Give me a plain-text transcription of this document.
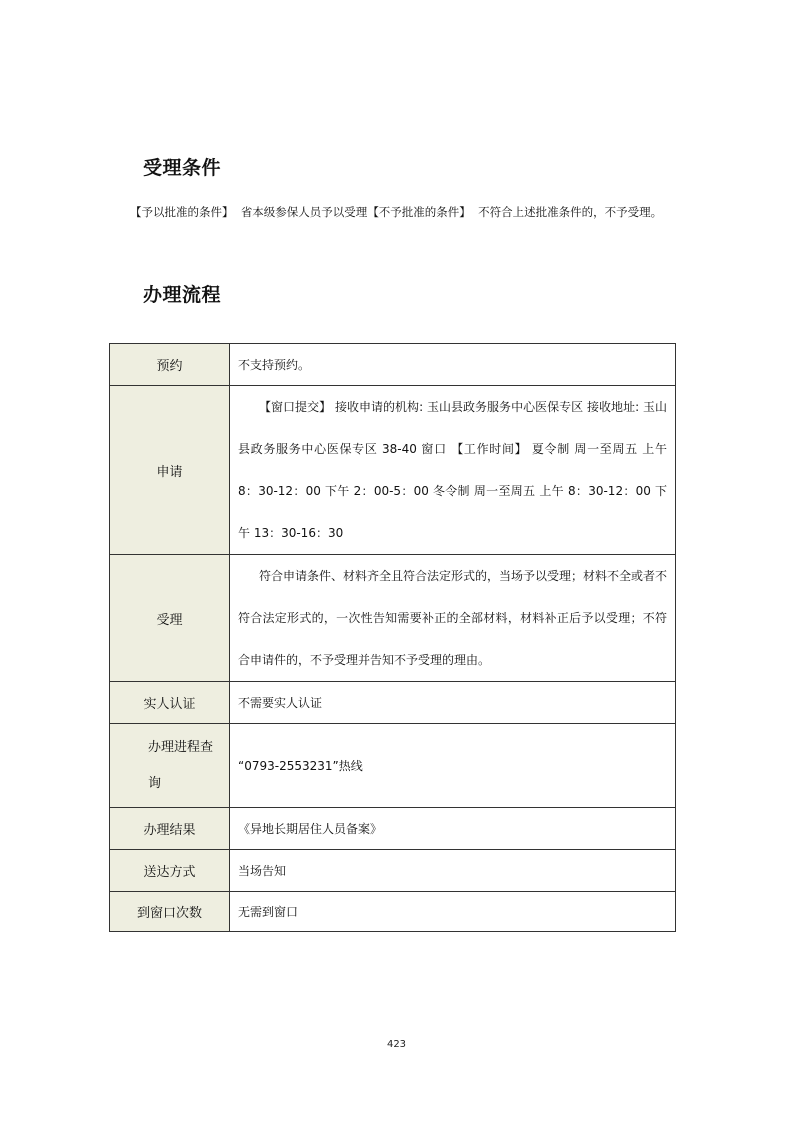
受理条件
【予以批准的条件】 省本级参保人员予以受理【不予批准的条件】 不符合上述批准条件的，不予受理。
办理流程
预约	不支持预约。
申请	【窗口提交】 接收申请的机构: 玉山县政务服务中心医保专区 接收地址: 玉山县政务服务中心医保专区 38-40 窗口 【工作时间】 夏令制 周一至周五 上午 8：30-12：00 下午 2：00-5：00 冬令制 周一至周五 上午 8：30-12：00 下午 13：30-16：30

受理	符合申请条件、材料齐全且符合法定形式的，当场予以受理；材料不全或者不符合法定形式的，一次性告知需要补正的全部材料，材料补正后予以受理；不符合申请件的，不予受理并告知不予受理的理由。

实人认证	不需要实人认证
办理进程查询	“0793-2553231”热线
办理结果	《异地长期居住人员备案》
送达方式	当场告知
到窗口次数	无需到窗口
423
